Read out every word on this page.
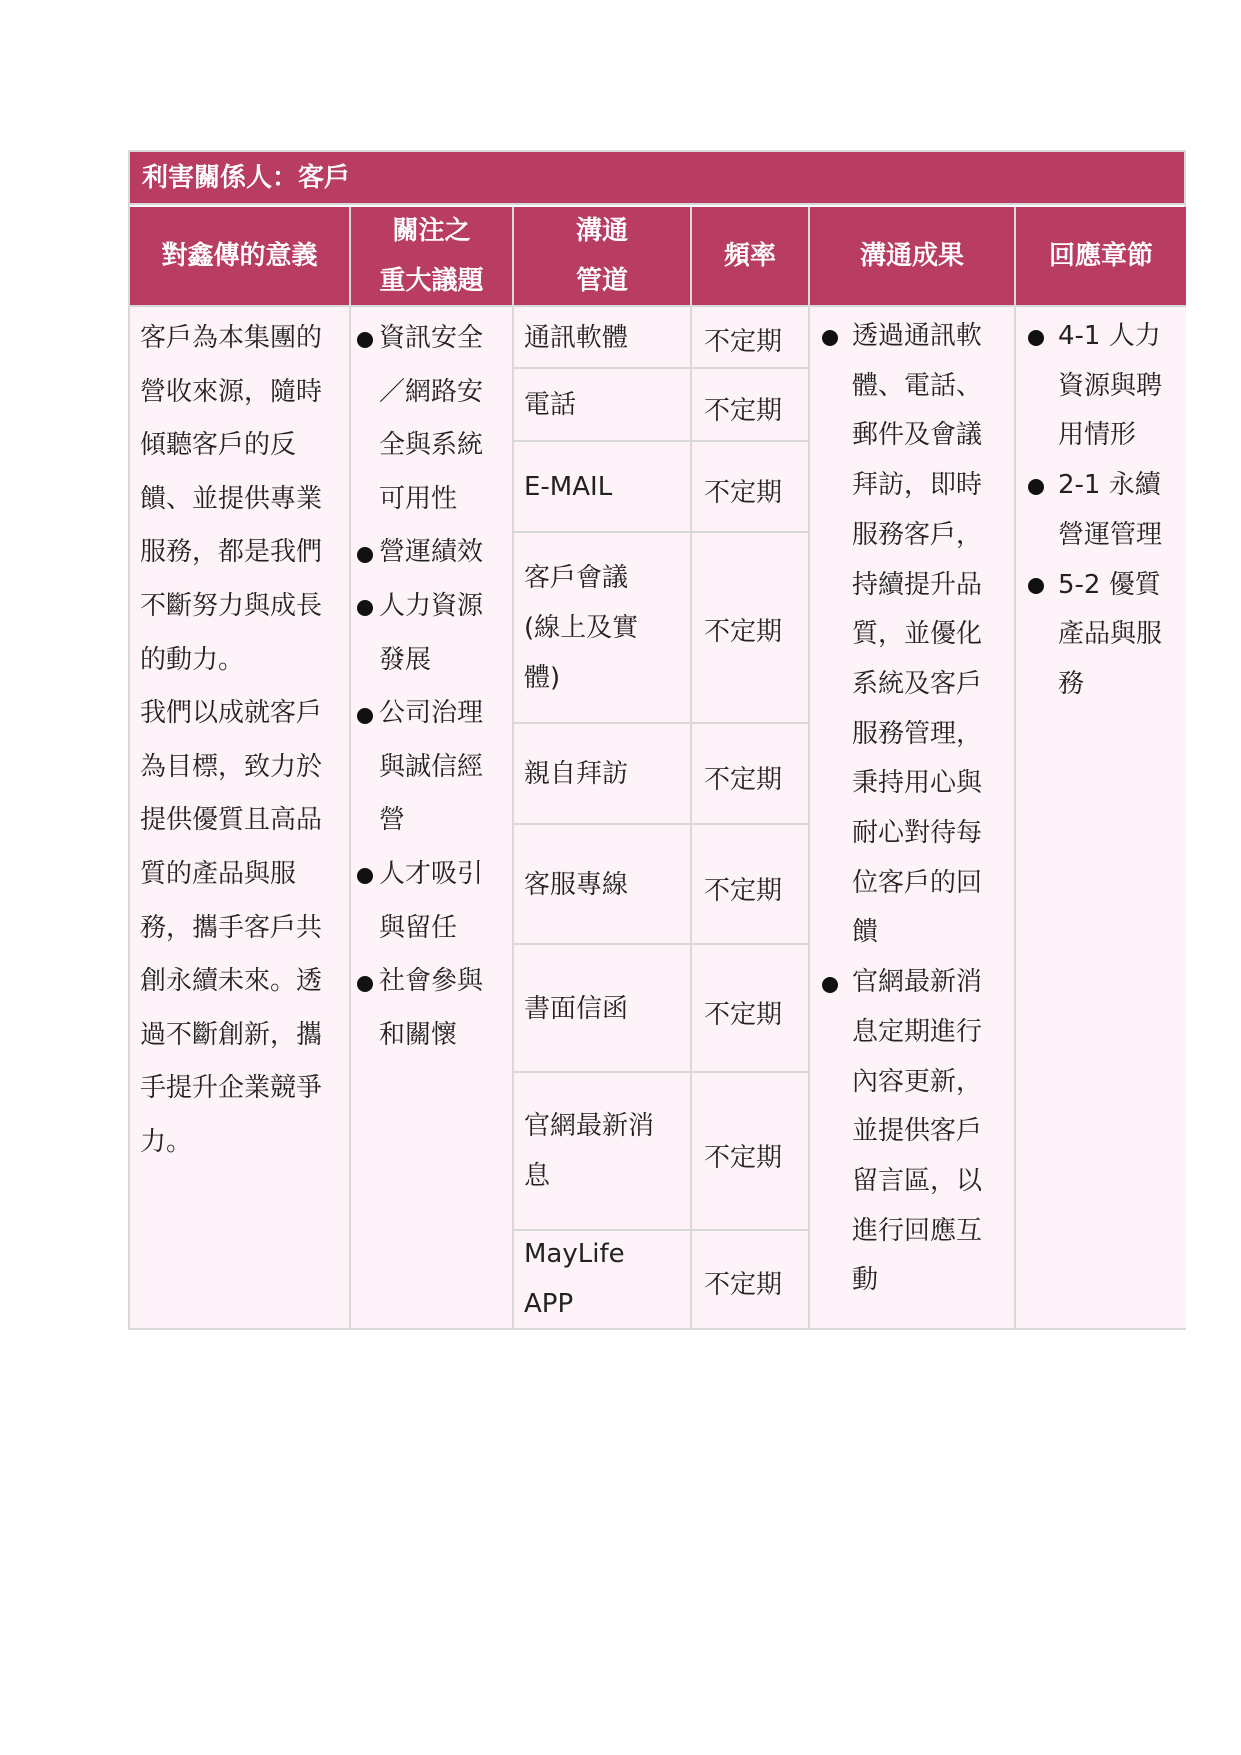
利害關係人：客戶
對鑫傳的意義
關注之
重大議題
溝通
管道
頻率	溝通成果	回應章節
客戶為本集團的
營收來源，隨時
傾聽客戶的反
饋、並提供專業
服務，都是我們
不斷努力與成長
的動力。
我們以成就客戶
為目標，致力於
提供優質且高品
質的產品與服
務，攜手客戶共
創永續未來。透
過不斷創新，攜
手提升企業競爭
力。
資訊安全
／網路安
全與系統
可用性
營運績效
人力資源
發展
公司治理
與誠信經
營
人才吸引
與留任
社會參與
和關懷
通訊軟體
電話
E-MAIL
客戶會議
(線上及實
體)
親自拜訪
客服專線
書面信函
官網最新消
息
MayLife
APP
不定期
不定期
不定期
不定期
不定期
不定期
不定期
不定期
不定期
透過通訊軟
體、電話、
郵件及會議
拜訪，即時
服務客戶，
持續提升品
質，並優化
系統及客戶
服務管理，
秉持用心與
耐心對待每
位客戶的回
饋
官網最新消
息定期進行
內容更新，
並提供客戶
留言區，以
進行回應互
動
4-1 人力
資源與聘
用情形
2-1 永續
營運管理
5-2 優質
產品與服
務
